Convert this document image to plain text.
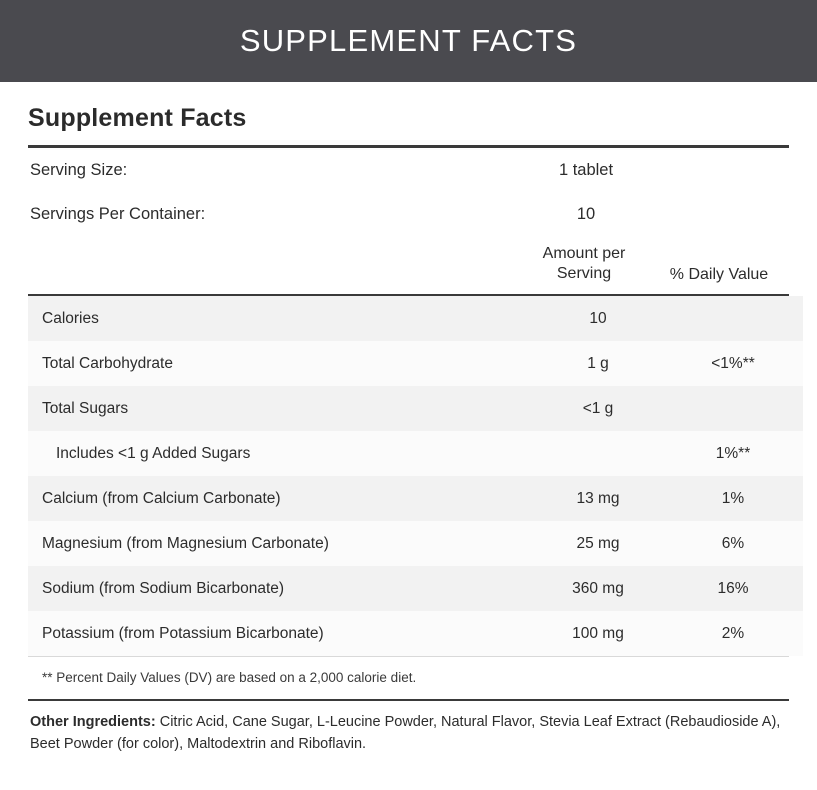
SUPPLEMENT FACTS
Supplement Facts
Serving Size:	1 tablet	
Servings Per Container:	10	

Amount per
Serving	% Daily Value
Calories	10	
Total Carbohydrate	1 g	<1%**
Total Sugars	<1 g	
Includes <1 g Added Sugars		1%**
Calcium (from Calcium Carbonate)	13 mg	1%
Magnesium (from Magnesium Carbonate)	25 mg	6%
Sodium (from Sodium Bicarbonate)	360 mg	16%
Potassium (from Potassium Bicarbonate)	100 mg	2%
** Percent Daily Values (DV) are based on a 2,000 calorie diet.
Other Ingredients: Citric Acid, Cane Sugar, L-Leucine Powder, Natural Flavor, Stevia Leaf Extract (Rebaudioside A), Beet Powder (for color), Maltodextrin and Riboflavin.
